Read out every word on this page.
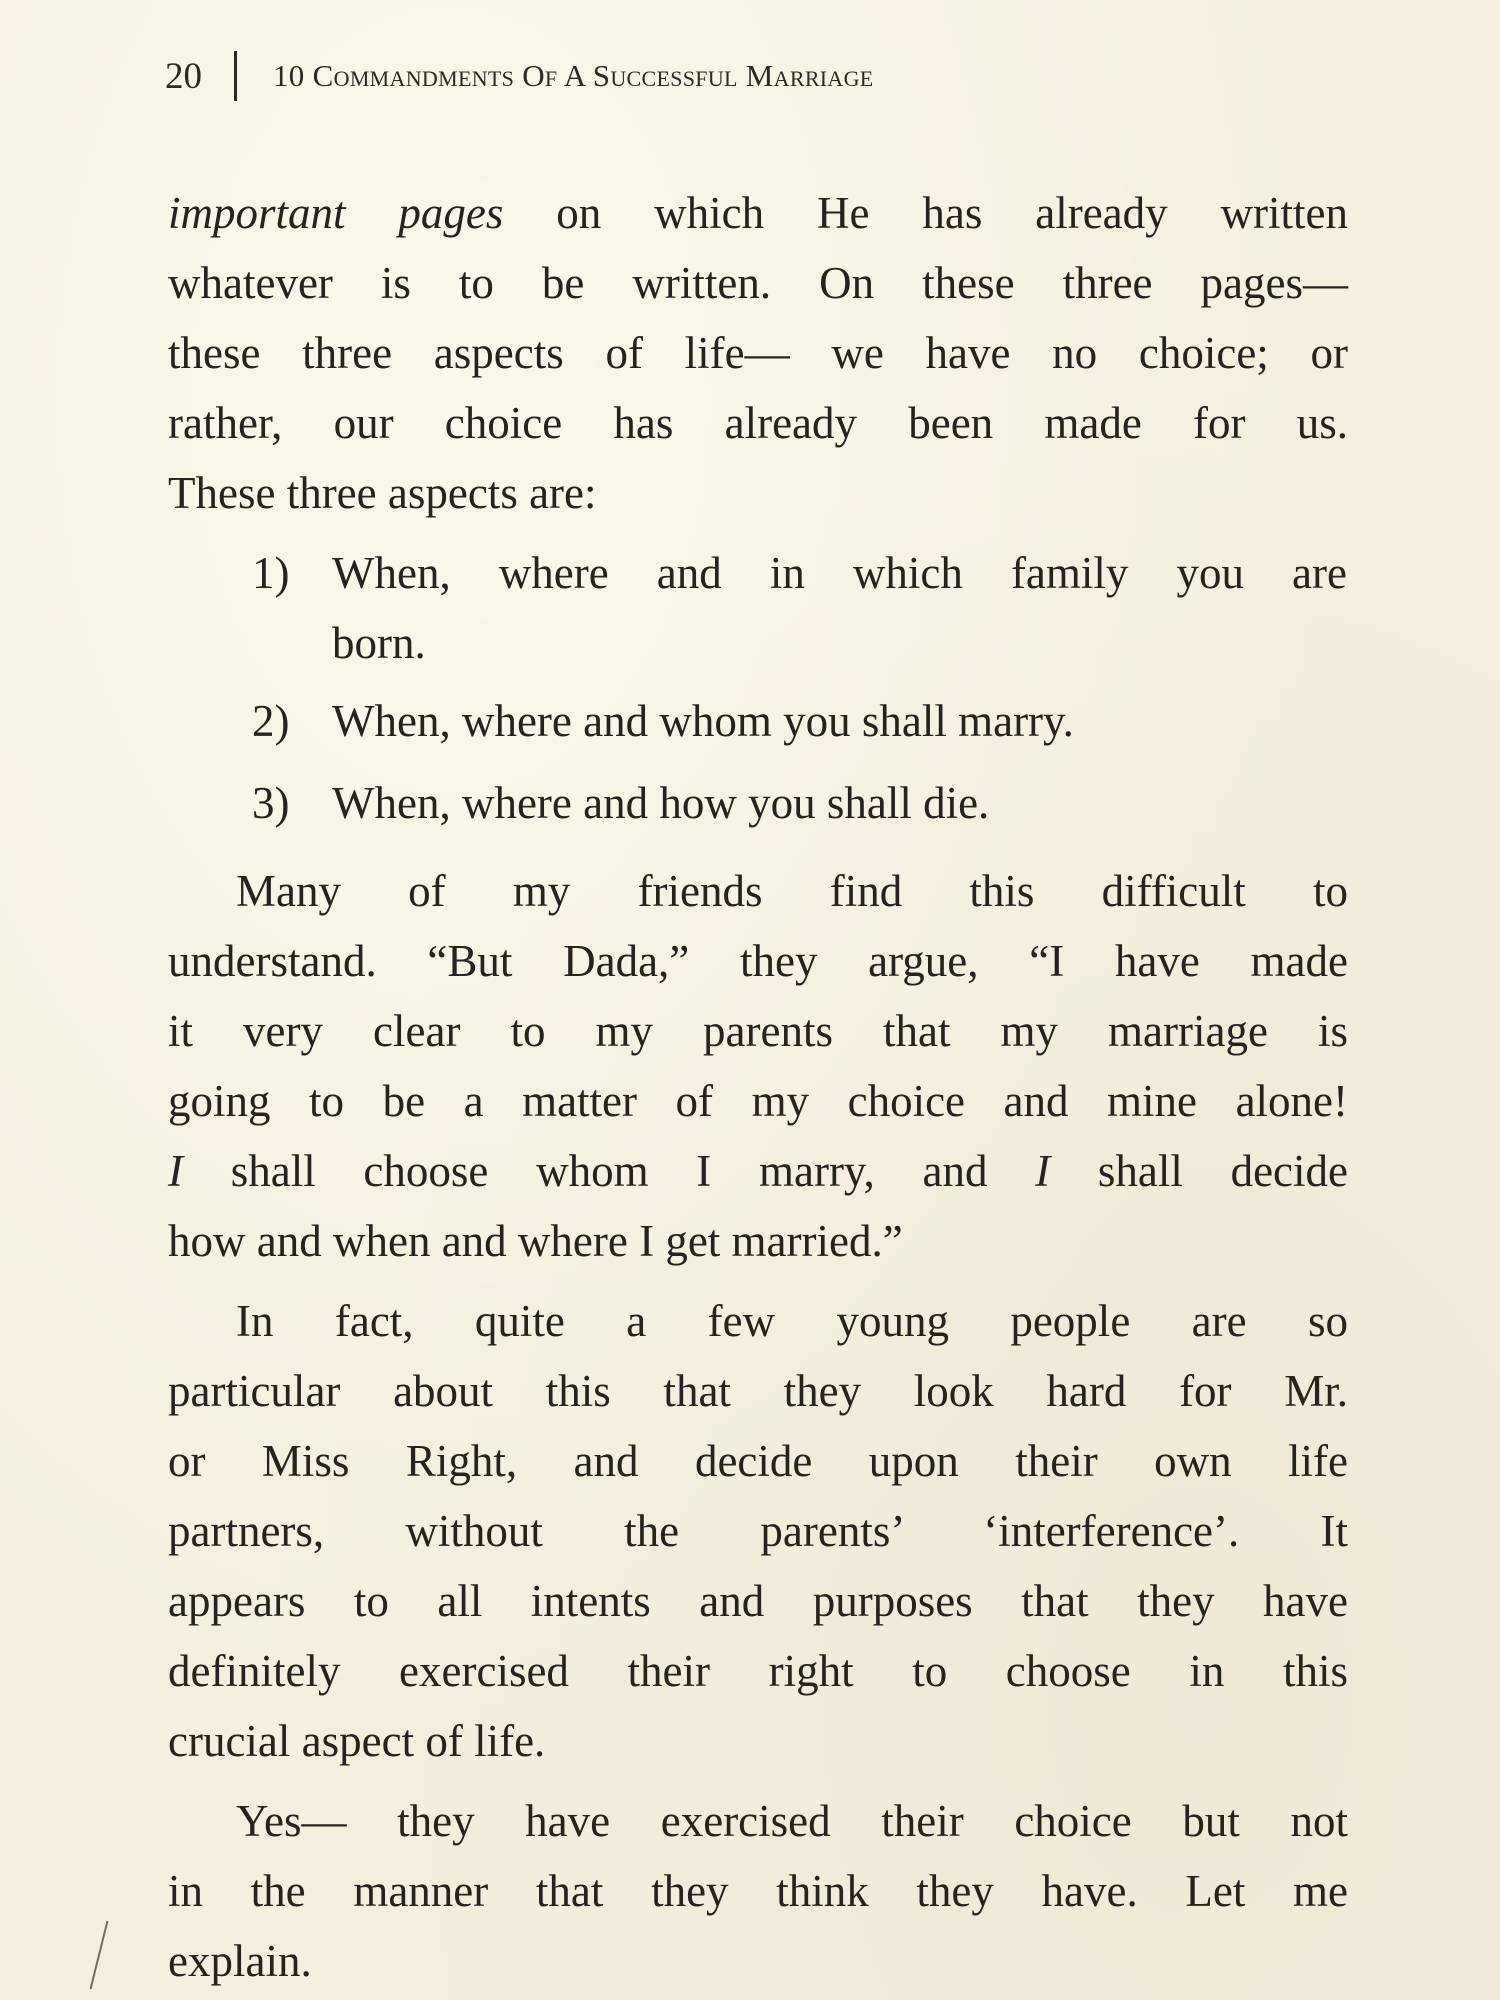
20 10 Commandments Of A Successful Marriage
important pages on which He has already written
whatever is to be written. On these three pages—
these three aspects of life— we have no choice; or
rather, our choice has already been made for us.
These three aspects are:
1) When, where and in which family you are
born.
2) When, where and whom you shall marry.
3) When, where and how you shall die.
Many of my friends find this difficult to
understand. “But Dada,” they argue, “I have made
it very clear to my parents that my marriage is
going to be a matter of my choice and mine alone!
I shall choose whom I marry, and I shall decide
how and when and where I get married.”
In fact, quite a few young people are so
particular about this that they look hard for Mr.
or Miss Right, and decide upon their own life
partners, without the parents’ ‘interference’. It
appears to all intents and purposes that they have
definitely exercised their right to choose in this
crucial aspect of life.
Yes— they have exercised their choice but not
in the manner that they think they have. Let me
explain.
